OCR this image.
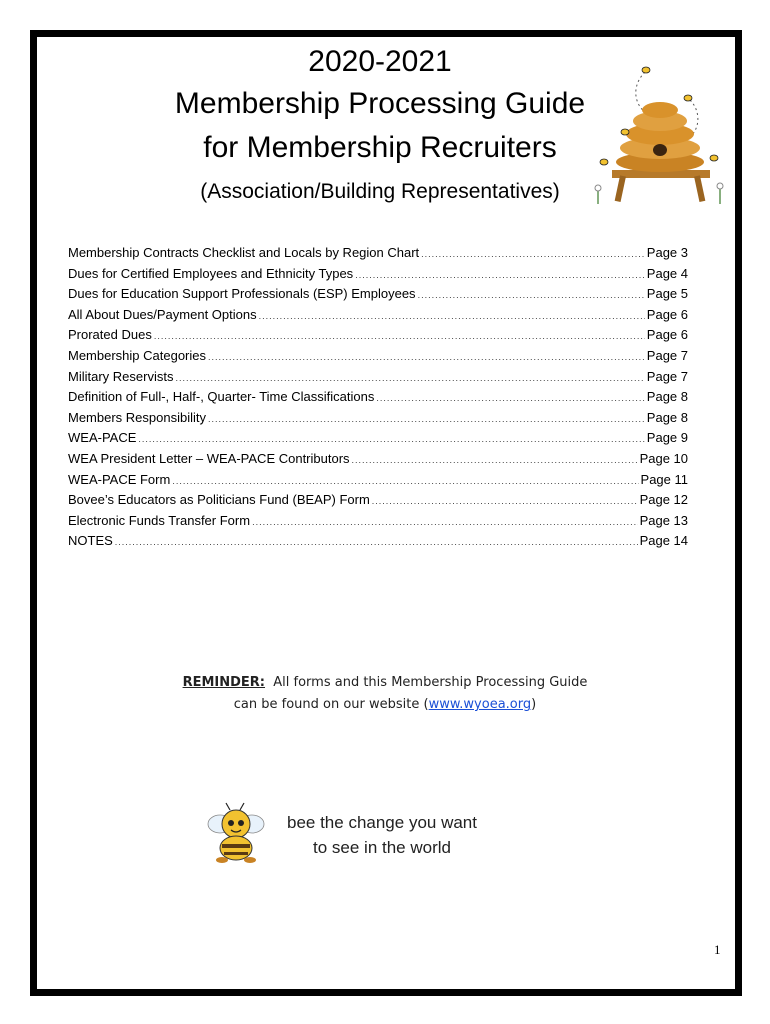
2020-2021
Membership Processing Guide
for Membership Recruiters
(Association/Building Representatives)
Membership Contracts Checklist and Locals by Region Chart .....	Page 3
Dues for Certified Employees and Ethnicity Types .....	Page 4
Dues for Education Support Professionals (ESP) Employees .....	Page 5
All About Dues/Payment Options .....	Page 6
Prorated Dues .....	Page 6
Membership Categories .....	Page 7
Military Reservists .....	Page 7
Definition of Full-, Half-, Quarter- Time Classifications .....	Page 8
Members Responsibility .....	Page 8
WEA-PACE .....	Page 9
WEA President Letter – WEA-PACE Contributors .....	Page 10
WEA-PACE Form .....	Page 11
Bovee’s Educators as Politicians Fund (BEAP) Form .....	Page 12
Electronic Funds Transfer Form .....	Page 13
NOTES .....	Page 14
REMINDER: All forms and this Membership Processing Guide
can be found on our website (www.wyoea.org)
bee the change you want
to see in the world
1
